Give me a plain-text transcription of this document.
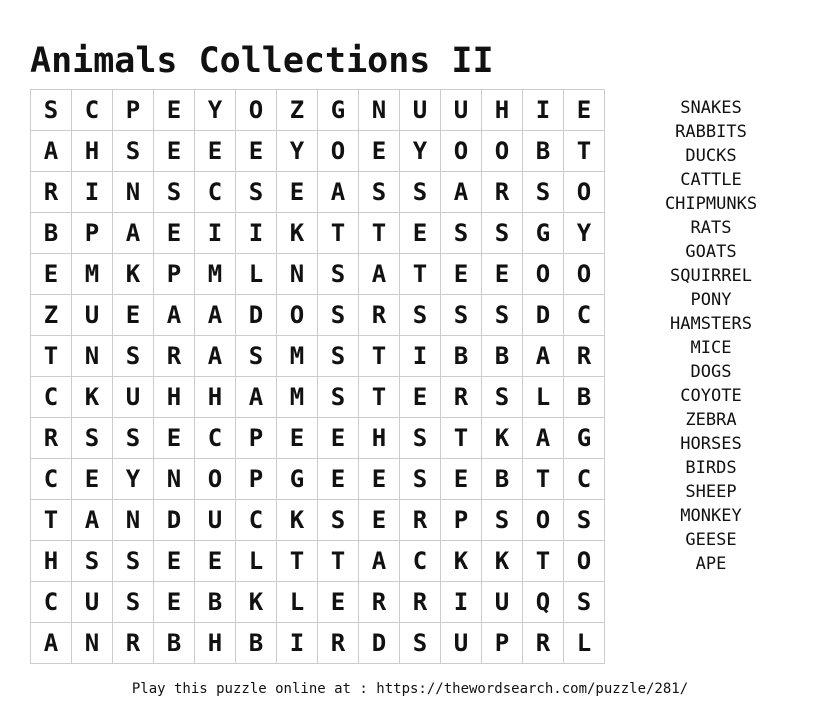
Animals Collections II
S	C	P	E	Y	O	Z	G	N	U	U	H	I	E
A	H	S	E	E	E	Y	O	E	Y	O	O	B	T
R	I	N	S	C	S	E	A	S	S	A	R	S	O
B	P	A	E	I	I	K	T	T	E	S	S	G	Y
E	M	K	P	M	L	N	S	A	T	E	E	O	O
Z	U	E	A	A	D	O	S	R	S	S	S	D	C
T	N	S	R	A	S	M	S	T	I	B	B	A	R
C	K	U	H	H	A	M	S	T	E	R	S	L	B
R	S	S	E	C	P	E	E	H	S	T	K	A	G
C	E	Y	N	O	P	G	E	E	S	E	B	T	C
T	A	N	D	U	C	K	S	E	R	P	S	O	S
H	S	S	E	E	L	T	T	A	C	K	K	T	O
C	U	S	E	B	K	L	E	R	R	I	U	Q	S
A	N	R	B	H	B	I	R	D	S	U	P	R	L
SNAKES
RABBITS
DUCKS
CATTLE
CHIPMUNKS
RATS
GOATS
SQUIRREL
PONY
HAMSTERS
MICE
DOGS
COYOTE
ZEBRA
HORSES
BIRDS
SHEEP
MONKEY
GEESE
APE
Play this puzzle online at : https://thewordsearch.com/puzzle/281/
